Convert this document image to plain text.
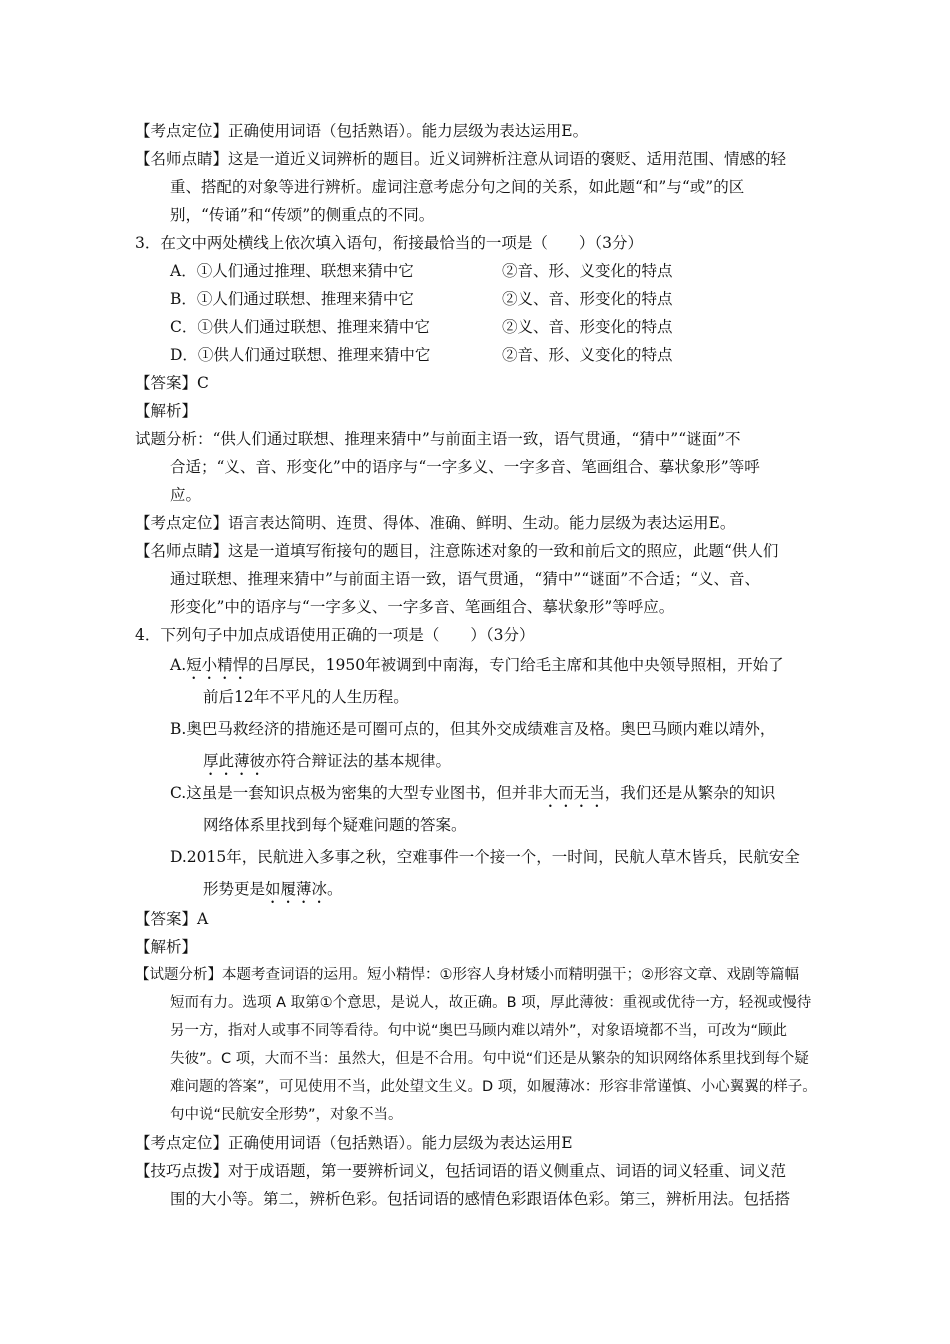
【考点定位】正确使用词语（包括熟语）。能力层级为表达运用E。
【名师点睛】这是一道近义词辨析的题目。近义词辨析注意从词语的褒贬、适用范围、情感的轻
重、搭配的对象等进行辨析。虚词注意考虑分句之间的关系，如此题“和”与“或”的区
别，“传诵”和“传颂”的侧重点的不同。
3．在文中两处横线上依次填入语句，衔接最恰当的一项是（　　）（3分）
A．①人们通过推理、联想来猜中它	②音、形、义变化的特点
B．①人们通过联想、推理来猜中它	②义、音、形变化的特点
C．①供人们通过联想、推理来猜中它	②义、音、形变化的特点
D．①供人们通过联想、推理来猜中它	②音、形、义变化的特点
【答案】C
【解析】
试题分析：“供人们通过联想、推理来猜中”与前面主语一致，语气贯通，“猜中”“谜面”不
合适；“义、音、形变化”中的语序与“一字多义、一字多音、笔画组合、摹状象形”等呼
应。
【考点定位】语言表达简明、连贯、得体、准确、鲜明、生动。能力层级为表达运用E。
【名师点睛】这是一道填写衔接句的题目，注意陈述对象的一致和前后文的照应，此题“供人们
通过联想、推理来猜中”与前面主语一致，语气贯通，“猜中”“谜面”不合适；“义、音、
形变化”中的语序与“一字多义、一字多音、笔画组合、摹状象形”等呼应。
4．下列句子中加点成语使用正确的一项是（　　）（3分）
A.短小精悍的吕厚民，1950年被调到中南海，专门给毛主席和其他中央领导照相，开始了
前后12年不平凡的人生历程。
B.奥巴马救经济的措施还是可圈可点的，但其外交成绩难言及格。奥巴马顾内难以靖外，
厚此薄彼亦符合辩证法的基本规律。
C.这虽是一套知识点极为密集的大型专业图书，但并非大而无当，我们还是从繁杂的知识
网络体系里找到每个疑难问题的答案。
D.2015年，民航进入多事之秋，空难事件一个接一个，一时间，民航人草木皆兵，民航安全
形势更是如履薄冰。
【答案】A
【解析】
【试题分析】本题考查词语的运用。短小精悍：①形容人身材矮小而精明强干；②形容文章、戏剧等篇幅
短而有力。选项 A 取第①个意思，是说人，故正确。B 项，厚此薄彼：重视或优待一方，轻视或慢待
另一方，指对人或事不同等看待。句中说“奥巴马顾内难以靖外”，对象语境都不当，可改为“顾此
失彼”。C 项，大而不当：虽然大，但是不合用。句中说“们还是从繁杂的知识网络体系里找到每个疑
难问题的答案”，可见使用不当，此处望文生义。D 项，如履薄冰：形容非常谨慎、小心翼翼的样子。
句中说“民航安全形势”，对象不当。
【考点定位】正确使用词语（包括熟语）。能力层级为表达运用E
【技巧点拨】对于成语题，第一要辨析词义，包括词语的语义侧重点、词语的词义轻重、词义范
围的大小等。第二，辨析色彩。包括词语的感情色彩跟语体色彩。第三，辨析用法。包括搭
